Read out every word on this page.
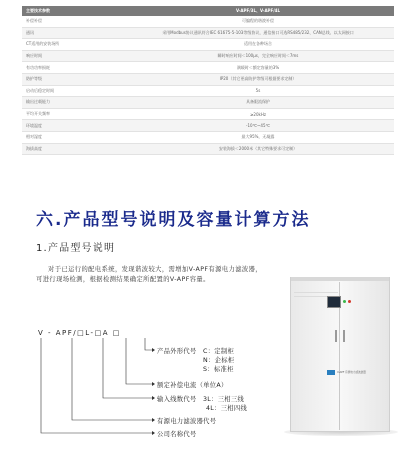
主要技术参数	V-APF/3L、V-APF/4L
补偿补偿	可编程的谐波补偿
通讯	采用Modbus协议通讯符合IEC 61675-5-103等级协议，通信接口可选RS485/232、CAN总线、以太网接口
CT适用的安装场所	适用在各种场合
响应时间	瞬时响应时间＜100μs，完全响应时间＜7ms
有功功率损耗	满载时＜额定容量的3%
防护等级	IP20（其它更高防护等级可根据要求定制）
启动后稳定时间	5s
输出过载能力	具备限流保护
平均开关频率	≥20kHz
环境温度	-10℃~45℃
相对湿度	最大95%，无凝露
海拔高度	安装海拔＜2000米（其它特殊要求可定制）
六.产品型号说明及容量计算方法
1.产品型号说明
对于已运行的配电系统，发现谐波较大，需增加V-APF有源电力滤波器，可进行现场检测，根据检测结果确定所配置的V-APF容量。
V - APF/□L-□A □
产品外形代号 C：定制柜
N：企标柜
S：标准柜
额定补偿电流（单位A）
输入线数代号 3L：三相三线
4L：三相四线
有源电力滤波器代号
公司名称代号
V-APF 有源电力滤波装置
